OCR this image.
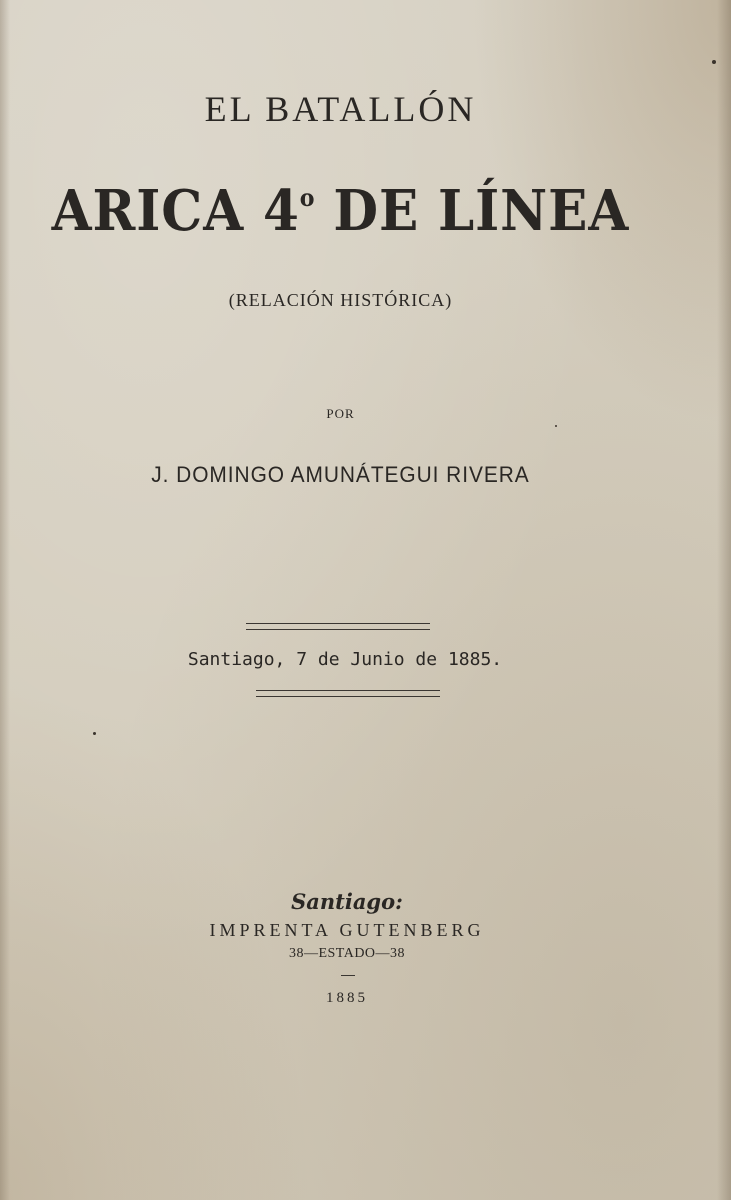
EL BATALLÓN
ARICA 4$^o$ DE LÍNEA
(RELACIÓN HISTÓRICA)
POR
J. DOMINGO AMUNÁTEGUI RIVERA
Santiago, 7 de Junio de 1885.
Santiago:
IMPRENTA GUTENBERG
38—ESTADO—38
1885
